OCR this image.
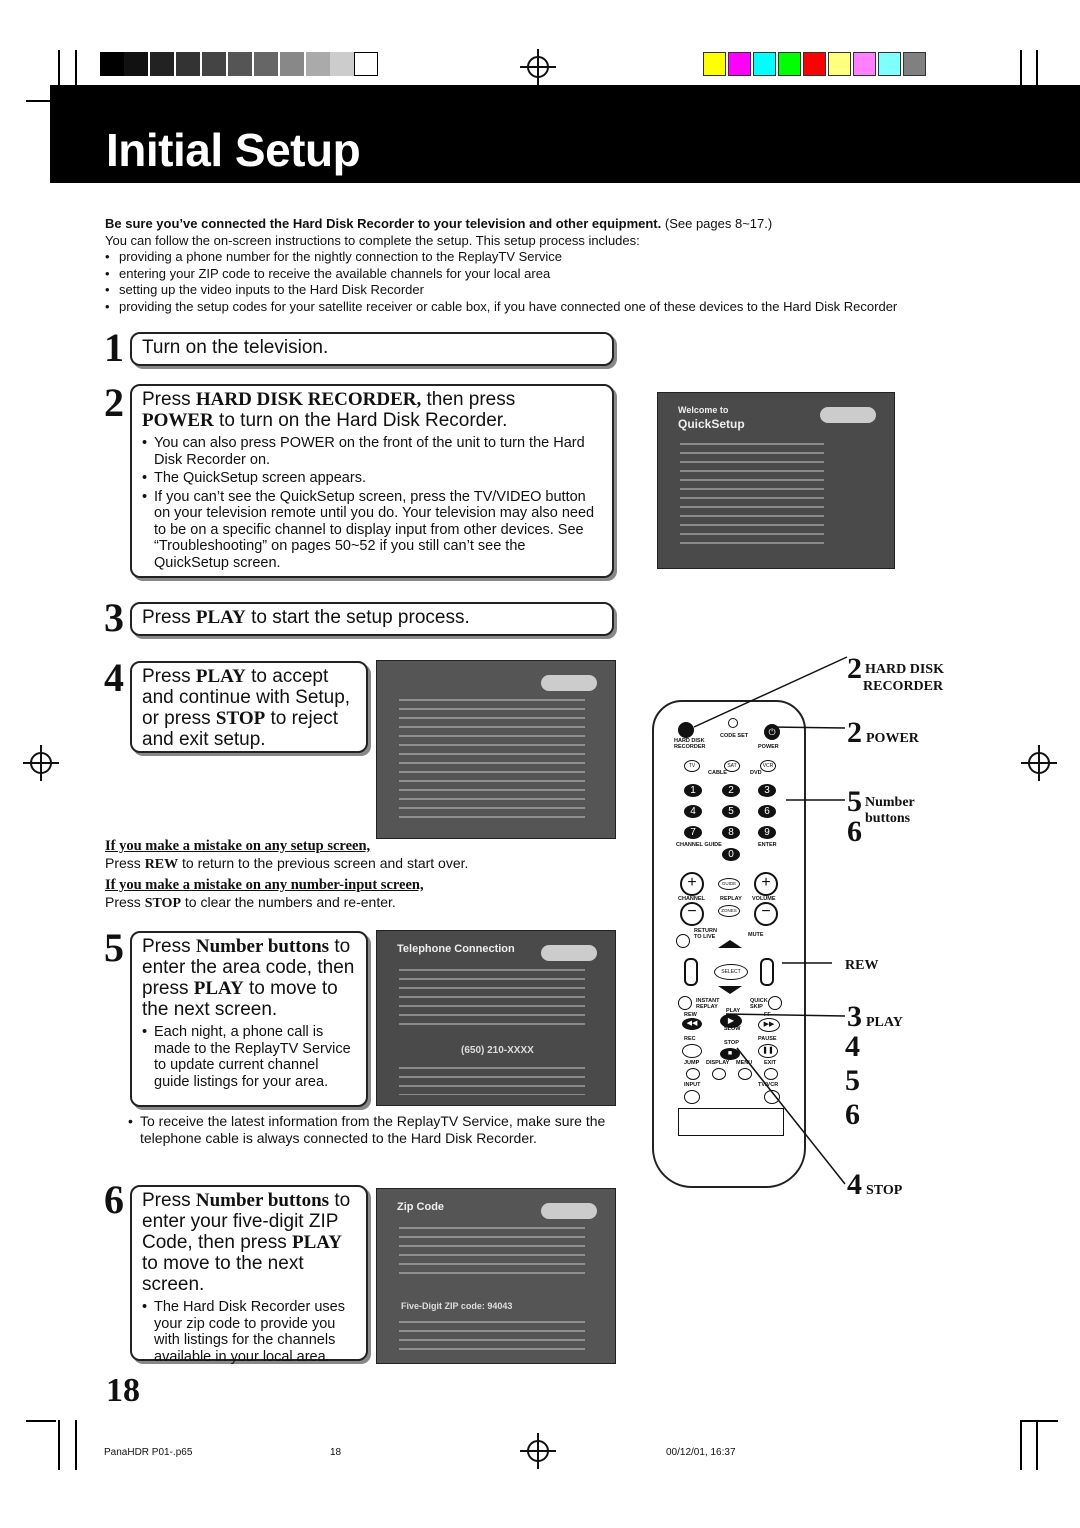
Initial Setup

Be sure you’ve connected the Hard Disk Recorder to your television and other equipment. (See pages 8~17.)

You can follow the on-screen instructions to complete the setup. This setup process includes:

• providing a phone number for the nightly connection to the ReplayTV Service
• entering your ZIP code to receive the available channels for your local area
• setting up the video inputs to the Hard Disk Recorder
• providing the setup codes for your satellite receiver or cable box, if you have connected one of these devices to the Hard Disk Recorder
1 Turn on the television.
2 Press HARD DISK RECORDER, then press
POWER to turn on the Hard Disk Recorder.
• You can also press POWER on the front of the unit to turn the Hard Disk Recorder on.
• The QuickSetup screen appears.
• If you can’t see the QuickSetup screen, press the TV/VIDEO button on your television remote until you do. Your television may also need to be on a specific channel to display input from other devices. See “Troubleshooting” on pages 50~52 if you still can’t see the QuickSetup screen.
Welcome to
QuickSetup
3 Press PLAY to start the setup process.
4 Press PLAY to accept and continue with Setup, or press STOP to reject and exit setup.
If you make a mistake on any setup screen,
Press REW to return to the previous screen and start over.
If you make a mistake on any number-input screen,
Press STOP to clear the numbers and re-enter.
5 Press Number buttons to enter the area code, then press PLAY to move to the next screen.
• Each night, a phone call is made to the ReplayTV Service to update current channel guide listings for your area.
Telephone Connection
(650) 210-XXXX
• To receive the latest information from the ReplayTV Service, make sure the telephone cable is always connected to the Hard Disk Recorder.
6 Press Number buttons to enter your five-digit ZIP Code, then press PLAY to move to the next screen.
• The Hard Disk Recorder uses your zip code to provide you with listings for the channels available in your local area.
Zip Code
Five-Digit ZIP code: 94043
18
⏻
HARD DISK RECORDER	POWER
CODE SET
TV	SAT	VCR
CABLE	DVD
1	2	3
4	5	6
7	8	9
0
CHANNEL GUIDE	ENTER
+
−
+
−
GUIDE
ZONES
CHANNEL	REPLAY VOLUME
RETURN TO LIVE	MUTE
SELECT
INSTANT REPLAY
QUICK SKIP
REW	FF
PLAY
◀◀	▶	▶▶
SLOW
REC	PAUSE
STOP
■	❚❚
JUMP DISPLAY MENU EXIT
INPUT	TV/VCR
2 HARD DISK
RECORDER
2 POWER
5 Number
6 buttons
REW
3 PLAY
4
5
6
4 STOP
PanaHDR P01-.p65	18	00/12/01, 16:37
